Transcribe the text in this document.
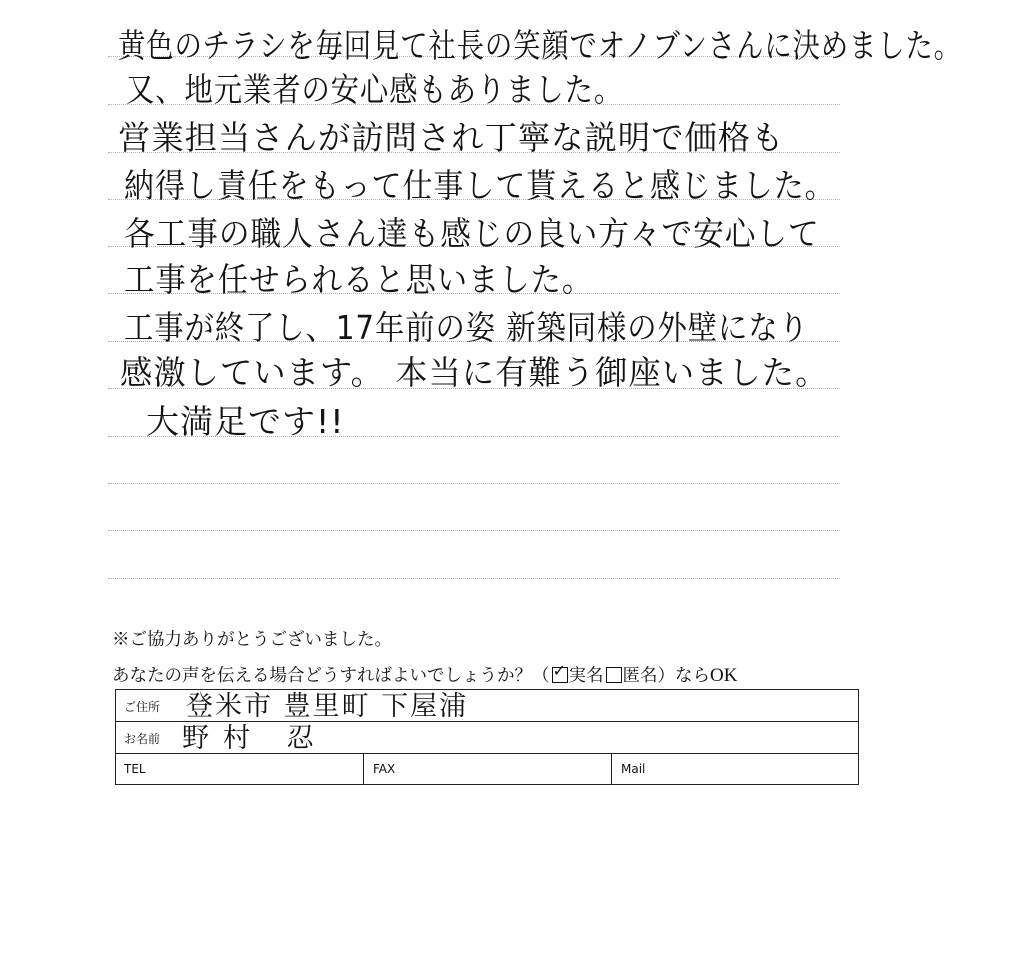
黄色のチラシを毎回見て社長の笑顔でオノブンさんに決めました。
又、地元業者の安心感もありました。
営業担当さんが訪問され丁寧な説明で価格も
納得し責任をもって仕事して貰えると感じました。
各工事の職人さん達も感じの良い方々で安心して
工事を任せられると思いました。
工事が終了し、17年前の姿 新築同様の外壁になり
感激しています。 本当に有難う御座いました。
大満足です!!
※ご協力ありがとうございました。
あなたの声を伝える場合どうすればよいでしょうか？（ ✓ 実名 匿名）ならOK
ご住所 登米市 豊里町 下屋浦
お名前 野村 忍
TEL	FAX	Mail
